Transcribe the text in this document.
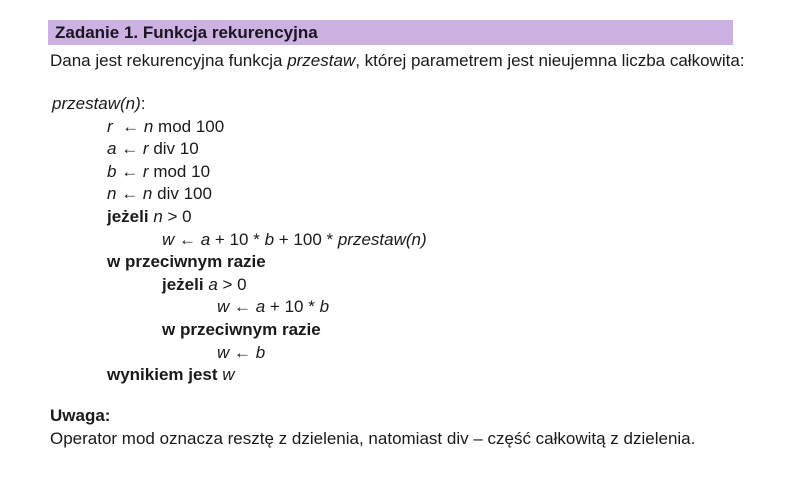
Zadanie 1. Funkcja rekurencyjna

Dana jest rekurencyjna funkcja przestaw, której parametrem jest nieujemna liczba całkowita:

przestaw(n):
r  ← n mod 100
a ← r div 10
b ← r mod 10
n ← n div 100
jeżeli n > 0
w ← a + 10 * b + 100 * przestaw(n)
w przeciwnym razie
jeżeli a > 0
w ← a + 10 * b
w przeciwnym razie
w ← b
wynikiem jest w
Uwaga:
Operator mod oznacza resztę z dzielenia, natomiast div – część całkowitą z dzielenia.
